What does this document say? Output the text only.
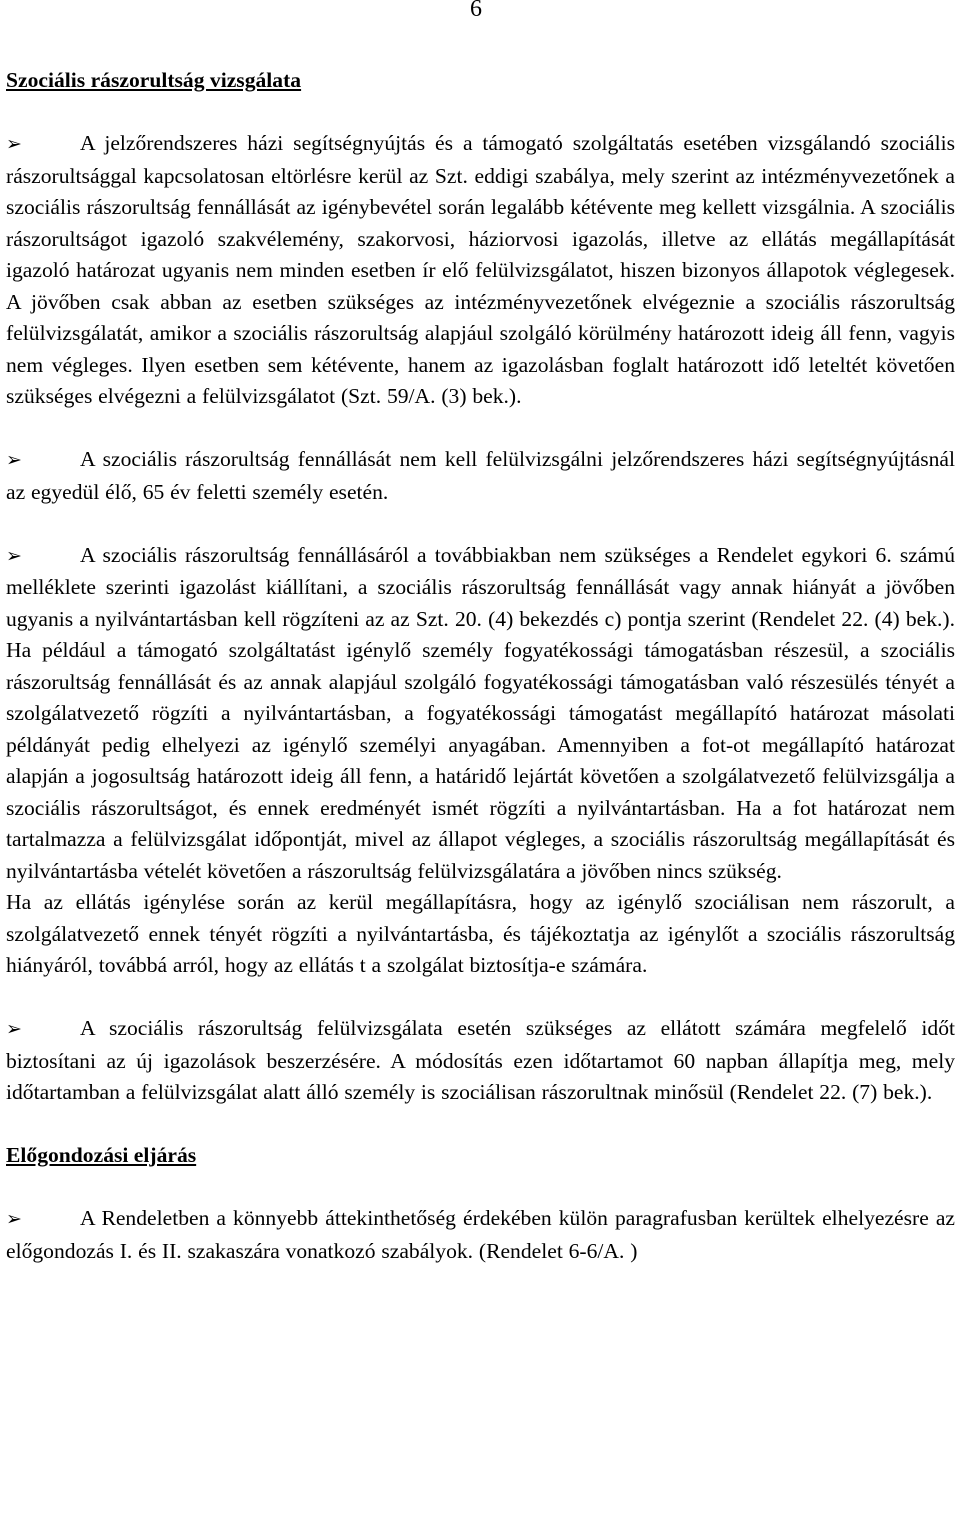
6

Szociális rászorultság vizsgálata

➢	A jelzőrendszeres házi segítségnyújtás és a támogató szolgáltatás esetében vizsgálandó szociális rászorultsággal kapcsolatosan eltörlésre kerül az Szt. eddigi szabálya, mely szerint az intézményvezetőnek a szociális rászorultság fennállását az igénybevétel során legalább kétévente meg kellett vizsgálnia. A szociális rászorultságot igazoló szakvélemény, szakorvosi, háziorvosi igazolás, illetve az ellátás megállapítását igazoló határozat ugyanis nem minden esetben ír elő felülvizsgálatot, hiszen bizonyos állapotok véglegesek. A jövőben csak abban az esetben szükséges az intézményvezetőnek elvégeznie a szociális rászorultság felülvizsgálatát, amikor a szociális rászorultság alapjául szolgáló körülmény határozott ideig áll fenn, vagyis nem végleges. Ilyen esetben sem kétévente, hanem az igazolásban foglalt határozott idő leteltét követően szükséges elvégezni a felülvizsgálatot (Szt. 59/A. (3) bek.).

➢	A szociális rászorultság fennállását nem kell felülvizsgálni jelzőrendszeres házi segítségnyújtásnál az egyedül élő, 65 év feletti személy esetén.

➢	A szociális rászorultság fennállásáról a továbbiakban nem szükséges a Rendelet egykori 6. számú melléklete szerinti igazolást kiállítani, a szociális rászorultság fennállását vagy annak hiányát a jövőben ugyanis a nyilvántartásban kell rögzíteni az az Szt. 20. (4) bekezdés c) pontja szerint (Rendelet 22. (4) bek.). Ha például a támogató szolgáltatást igénylő személy fogyatékossági támogatásban részesül, a szociális rászorultság fennállását és az annak alapjául szolgáló fogyatékossági támogatásban való részesülés tényét a szolgálatvezető rögzíti a nyilvántartásban, a fogyatékossági támogatást megállapító határozat másolati példányát pedig elhelyezi az igénylő személyi anyagában. Amennyiben a fot-ot megállapító határozat alapján a jogosultság határozott ideig áll fenn, a határidő lejártát követően a szolgálatvezető felülvizsgálja a szociális rászorultságot, és ennek eredményét ismét rögzíti a nyilvántartásban. Ha a fot határozat nem tartalmazza a felülvizsgálat időpontját, mivel az állapot végleges, a szociális rászorultság megállapítását és nyilvántartásba vételét követően a rászorultság felülvizsgálatára a jövőben nincs szükség.

Ha az ellátás igénylése során az kerül megállapításra, hogy az igénylő szociálisan nem rászorult, a szolgálatvezető ennek tényét rögzíti a nyilvántartásba, és tájékoztatja az igénylőt a szociális rászorultság hiányáról, továbbá arról, hogy az ellátás t a szolgálat biztosítja-e számára.

➢	A szociális rászorultság felülvizsgálata esetén szükséges az ellátott számára megfelelő időt biztosítani az új igazolások beszerzésére. A módosítás ezen időtartamot 60 napban állapítja meg, mely időtartamban a felülvizsgálat alatt álló személy is szociálisan rászorultnak minősül (Rendelet 22. (7) bek.).

Előgondozási eljárás

➢	A Rendeletben a könnyebb áttekinthetőség érdekében külön paragrafusban kerültek elhelyezésre az előgondozás I. és II. szakaszára vonatkozó szabályok. (Rendelet 6-6/A. )
